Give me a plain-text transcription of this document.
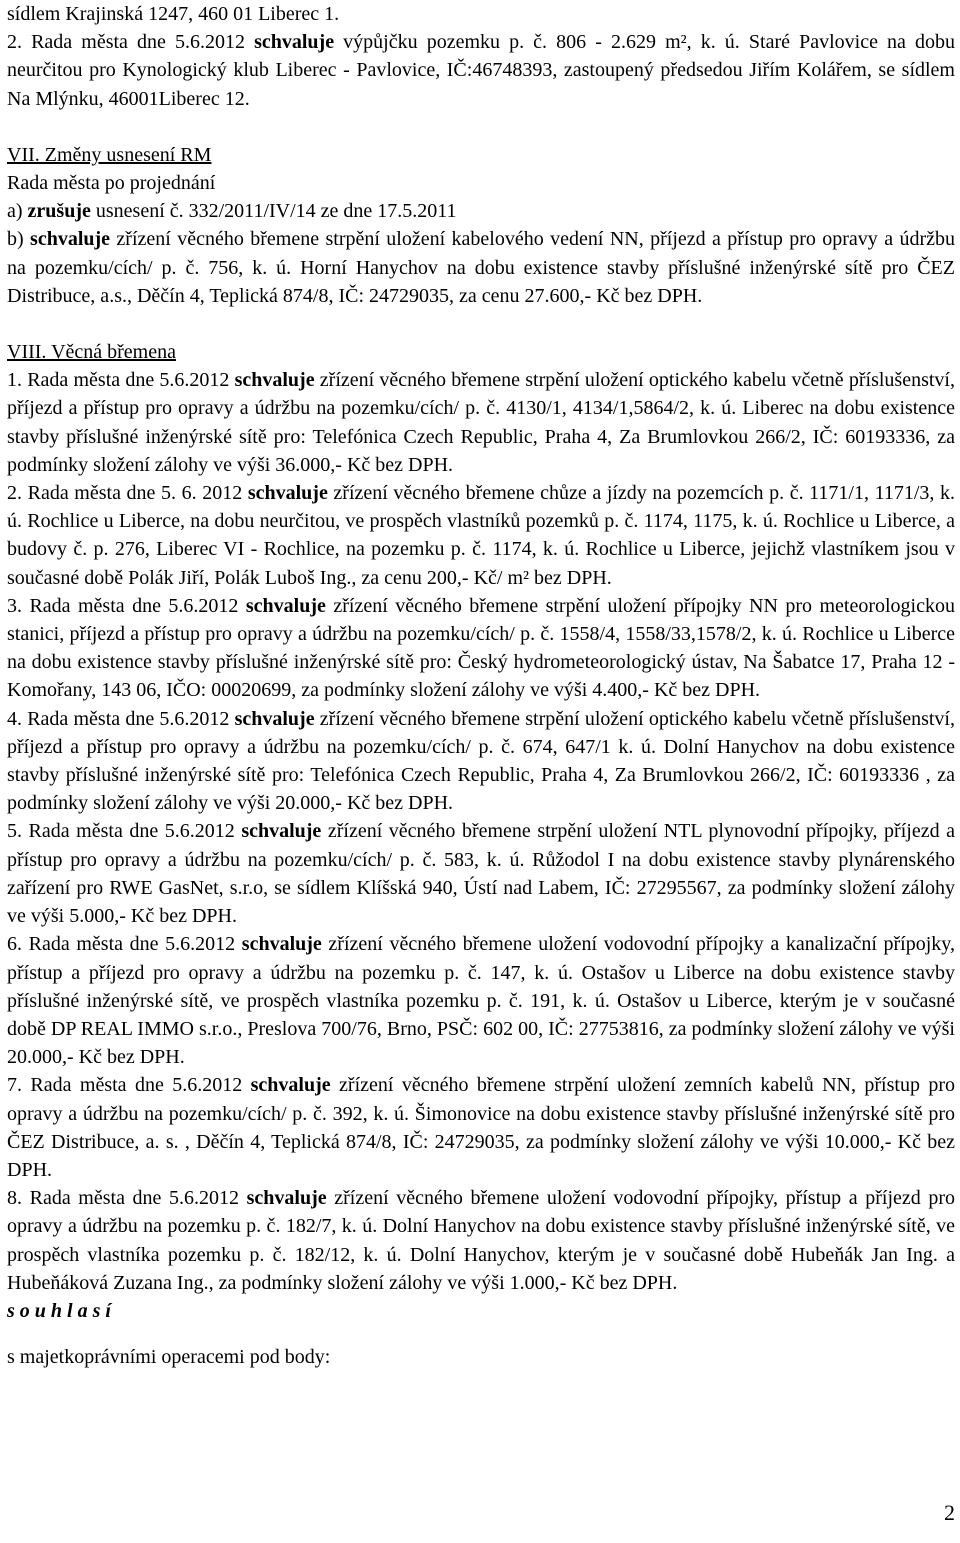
sídlem Krajinská 1247, 460 01 Liberec 1.

2. Rada města dne 5.6.2012 schvaluje výpůjčku pozemku p. č. 806 - 2.629 m², k. ú. Staré Pavlovice na dobu neurčitou pro Kynologický klub Liberec - Pavlovice, IČ:46748393, zastoupený předsedou Jiřím Kolářem, se sídlem Na Mlýnku, 46001Liberec 12.

VII. Změny usnesení RM

Rada města po projednání

a) zrušuje usnesení č. 332/2011/IV/14 ze dne 17.5.2011

b) schvaluje zřízení věcného břemene strpění uložení kabelového vedení NN, příjezd a přístup pro opravy a údržbu na pozemku/cích/ p. č. 756, k. ú. Horní Hanychov na dobu existence stavby příslušné inženýrské sítě pro ČEZ Distribuce, a.s., Děčín 4, Teplická 874/8, IČ: 24729035, za cenu 27.600,- Kč bez DPH.

VIII. Věcná břemena

1. Rada města dne 5.6.2012 schvaluje zřízení věcného břemene strpění uložení optického kabelu včetně příslušenství, příjezd a přístup pro opravy a údržbu na pozemku/cích/ p. č. 4130/1, 4134/1,5864/2, k. ú. Liberec na dobu existence stavby příslušné inženýrské sítě pro: Telefónica Czech Republic, Praha 4, Za Brumlovkou 266/2, IČ: 60193336, za podmínky složení zálohy ve výši 36.000,- Kč bez DPH.

2. Rada města dne 5. 6. 2012 schvaluje zřízení věcného břemene chůze a jízdy na pozemcích p. č. 1171/1, 1171/3, k. ú. Rochlice u Liberce, na dobu neurčitou, ve prospěch vlastníků pozemků p. č. 1174, 1175, k. ú. Rochlice u Liberce, a budovy č. p. 276, Liberec VI - Rochlice, na pozemku p. č. 1174, k. ú. Rochlice u Liberce, jejichž vlastníkem jsou v současné době Polák Jiří, Polák Luboš Ing., za cenu 200,- Kč/ m² bez DPH.

3. Rada města dne 5.6.2012 schvaluje zřízení věcného břemene strpění uložení přípojky NN pro meteorologickou stanici, příjezd a přístup pro opravy a údržbu na pozemku/cích/ p. č. 1558/4, 1558/33,1578/2, k. ú. Rochlice u Liberce na dobu existence stavby příslušné inženýrské sítě pro: Český hydrometeorologický ústav, Na Šabatce 17, Praha 12 - Komořany, 143 06, IČO: 00020699, za podmínky složení zálohy ve výši 4.400,- Kč bez DPH.

4. Rada města dne 5.6.2012 schvaluje zřízení věcného břemene strpění uložení optického kabelu včetně příslušenství, příjezd a přístup pro opravy a údržbu na pozemku/cích/ p. č. 674, 647/1 k. ú. Dolní Hanychov na dobu existence stavby příslušné inženýrské sítě pro: Telefónica Czech Republic, Praha 4, Za Brumlovkou 266/2, IČ: 60193336 , za podmínky složení zálohy ve výši 20.000,- Kč bez DPH.

5. Rada města dne 5.6.2012 schvaluje zřízení věcného břemene strpění uložení NTL plynovodní přípojky, příjezd a přístup pro opravy a údržbu na pozemku/cích/ p. č. 583, k. ú. Růžodol I na dobu existence stavby plynárenského zařízení pro RWE GasNet, s.r.o, se sídlem Klíšská 940, Ústí nad Labem, IČ: 27295567, za podmínky složení zálohy ve výši 5.000,- Kč bez DPH.

6. Rada města dne 5.6.2012 schvaluje zřízení věcného břemene uložení vodovodní přípojky a kanalizační přípojky, přístup a příjezd pro opravy a údržbu na pozemku p. č. 147, k. ú. Ostašov u Liberce na dobu existence stavby příslušné inženýrské sítě, ve prospěch vlastníka pozemku p. č. 191, k. ú. Ostašov u Liberce, kterým je v současné době DP REAL IMMO s.r.o., Preslova 700/76, Brno, PSČ: 602 00, IČ: 27753816, za podmínky složení zálohy ve výši 20.000,- Kč bez DPH.

7. Rada města dne 5.6.2012 schvaluje zřízení věcného břemene strpění uložení zemních kabelů NN, přístup pro opravy a údržbu na pozemku/cích/ p. č. 392, k. ú. Šimonovice na dobu existence stavby příslušné inženýrské sítě pro ČEZ Distribuce, a. s. , Děčín 4, Teplická 874/8, IČ: 24729035, za podmínky složení zálohy ve výši 10.000,- Kč bez DPH.

8. Rada města dne 5.6.2012 schvaluje zřízení věcného břemene uložení vodovodní přípojky, přístup a příjezd pro opravy a údržbu na pozemku p. č. 182/7, k. ú. Dolní Hanychov na dobu existence stavby příslušné inženýrské sítě, ve prospěch vlastníka pozemku p. č. 182/12, k. ú. Dolní Hanychov, kterým je v současné době Hubeňák Jan Ing. a Hubeňáková Zuzana Ing., za podmínky složení zálohy ve výši 1.000,- Kč bez DPH.

souhlasí

s majetkoprávními operacemi pod body:

2
